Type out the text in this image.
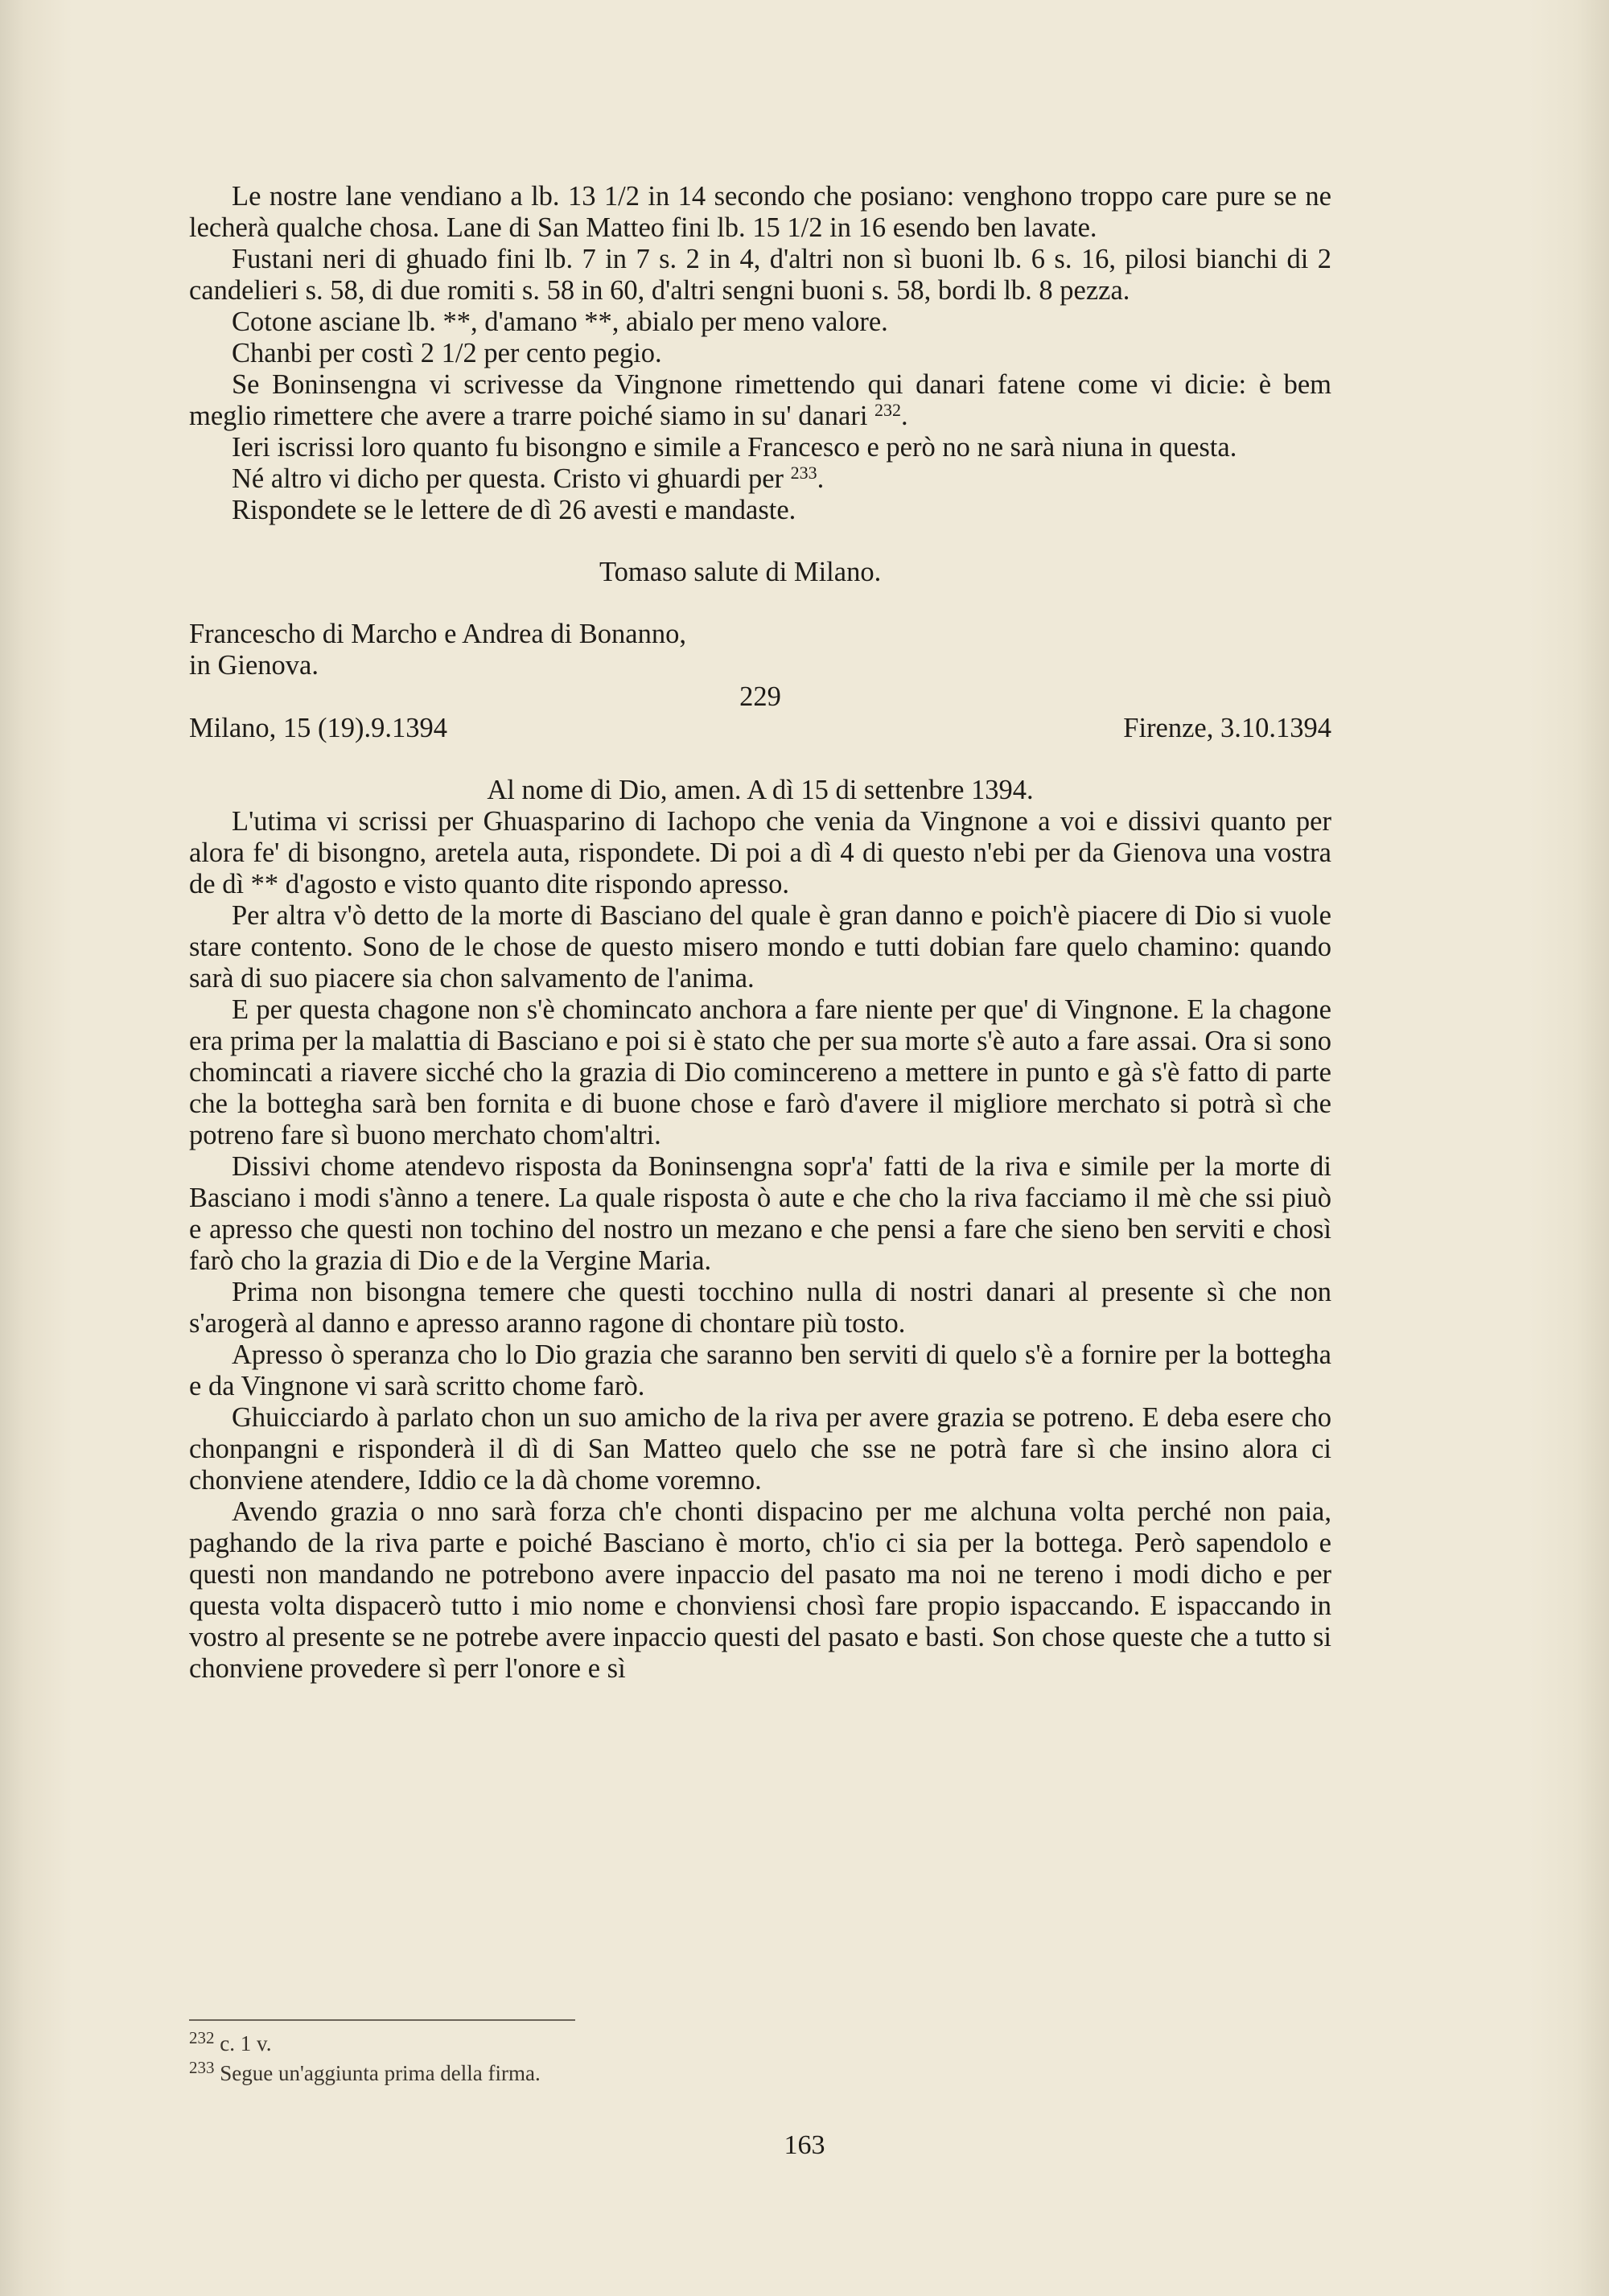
Le nostre lane vendiano a lb. 13 1/2 in 14 secondo che posiano: venghono troppo care pure se ne lecherà qualche chosa. Lane di San Matteo fini lb. 15 1/2 in 16 esendo ben lavate.

Fustani neri di ghuado fini lb. 7 in 7 s. 2 in 4, d'altri non sì buoni lb. 6 s. 16, pilosi bianchi di 2 candelieri s. 58, di due romiti s. 58 in 60, d'altri sengni buoni s. 58, bordi lb. 8 pezza.

Cotone asciane lb. **, d'amano **, abialo per meno valore.

Chanbi per costì 2 1/2 per cento pegio.

Se Boninsengna vi scrivesse da Vingnone rimettendo qui danari fatene come vi dicie: è bem meglio rimettere che avere a trarre poiché siamo in su' danari $^{232}$.

Ieri iscrissi loro quanto fu bisongno e simile a Francesco e però no ne sarà niuna in questa.

Né altro vi dicho per questa. Cristo vi ghuardi per $^{233}$.

Rispondete se le lettere de dì 26 avesti e mandaste.

Tomaso salute di Milano.

Francescho di Marcho e Andrea di Bonanno,

in Gienova.

229

Milano, 15 (19).9.1394	Firenze, 3.10.1394

Al nome di Dio, amen. A dì 15 di settenbre 1394.

L'utima vi scrissi per Ghuasparino di Iachopo che venia da Vingnone a voi e dissivi quanto per alora fe' di bisongno, aretela auta, rispondete. Di poi a dì 4 di questo n'ebi per da Gienova una vostra de dì ** d'agosto e visto quanto dite rispondo apresso.

Per altra v'ò detto de la morte di Basciano del quale è gran danno e poich'è piacere di Dio si vuole stare contento. Sono de le chose de questo misero mondo e tutti dobian fare quelo chamino: quando sarà di suo piacere sia chon salvamento de l'anima.

E per questa chagone non s'è chomincato anchora a fare niente per que' di Vingnone. E la chagone era prima per la malattia di Basciano e poi si è stato che per sua morte s'è auto a fare assai. Ora si sono chomincati a riavere sicché cho la grazia di Dio comincereno a mettere in punto e gà s'è fatto di parte che la bottegha sarà ben fornita e di buone chose e farò d'avere il migliore merchato si potrà sì che potreno fare sì buono merchato chom'altri.

Dissivi chome atendevo risposta da Boninsengna sopr'a' fatti de la riva e simile per la morte di Basciano i modi s'ànno a tenere. La quale risposta ò aute e che cho la riva facciamo il mè che ssi piuò e apresso che questi non tochino del nostro un mezano e che pensi a fare che sieno ben serviti e chosì farò cho la grazia di Dio e de la Vergine Maria.

Prima non bisongna temere che questi tocchino nulla di nostri danari al presente sì che non s'arogerà al danno e apresso aranno ragone di chontare più tosto.

Apresso ò speranza cho lo Dio grazia che saranno ben serviti di quelo s'è a fornire per la bottegha e da Vingnone vi sarà scritto chome farò.

Ghuicciardo à parlato chon un suo amicho de la riva per avere grazia se potreno. E deba esere cho chonpangni e risponderà il dì di San Matteo quelo che sse ne potrà fare sì che insino alora ci chonviene atendere, Iddio ce la dà chome voremno.

Avendo grazia o nno sarà forza ch'e chonti dispacino per me alchuna volta perché non paia, paghando de la riva parte e poiché Basciano è morto, ch'io ci sia per la bottega. Però sapendolo e questi non mandando ne potrebono avere inpaccio del pasato ma noi ne tereno i modi dicho e per questa volta dispacerò tutto i mio nome e chonviensi chosì fare propio ispaccando. E ispaccando in vostro al presente se ne potrebe avere inpaccio questi del pasato e basti. Son chose queste che a tutto si chonviene provedere sì perr l'onore e sì

$^{232}$ c. 1 v.
$^{233}$ Segue un'aggiunta prima della firma.
163
